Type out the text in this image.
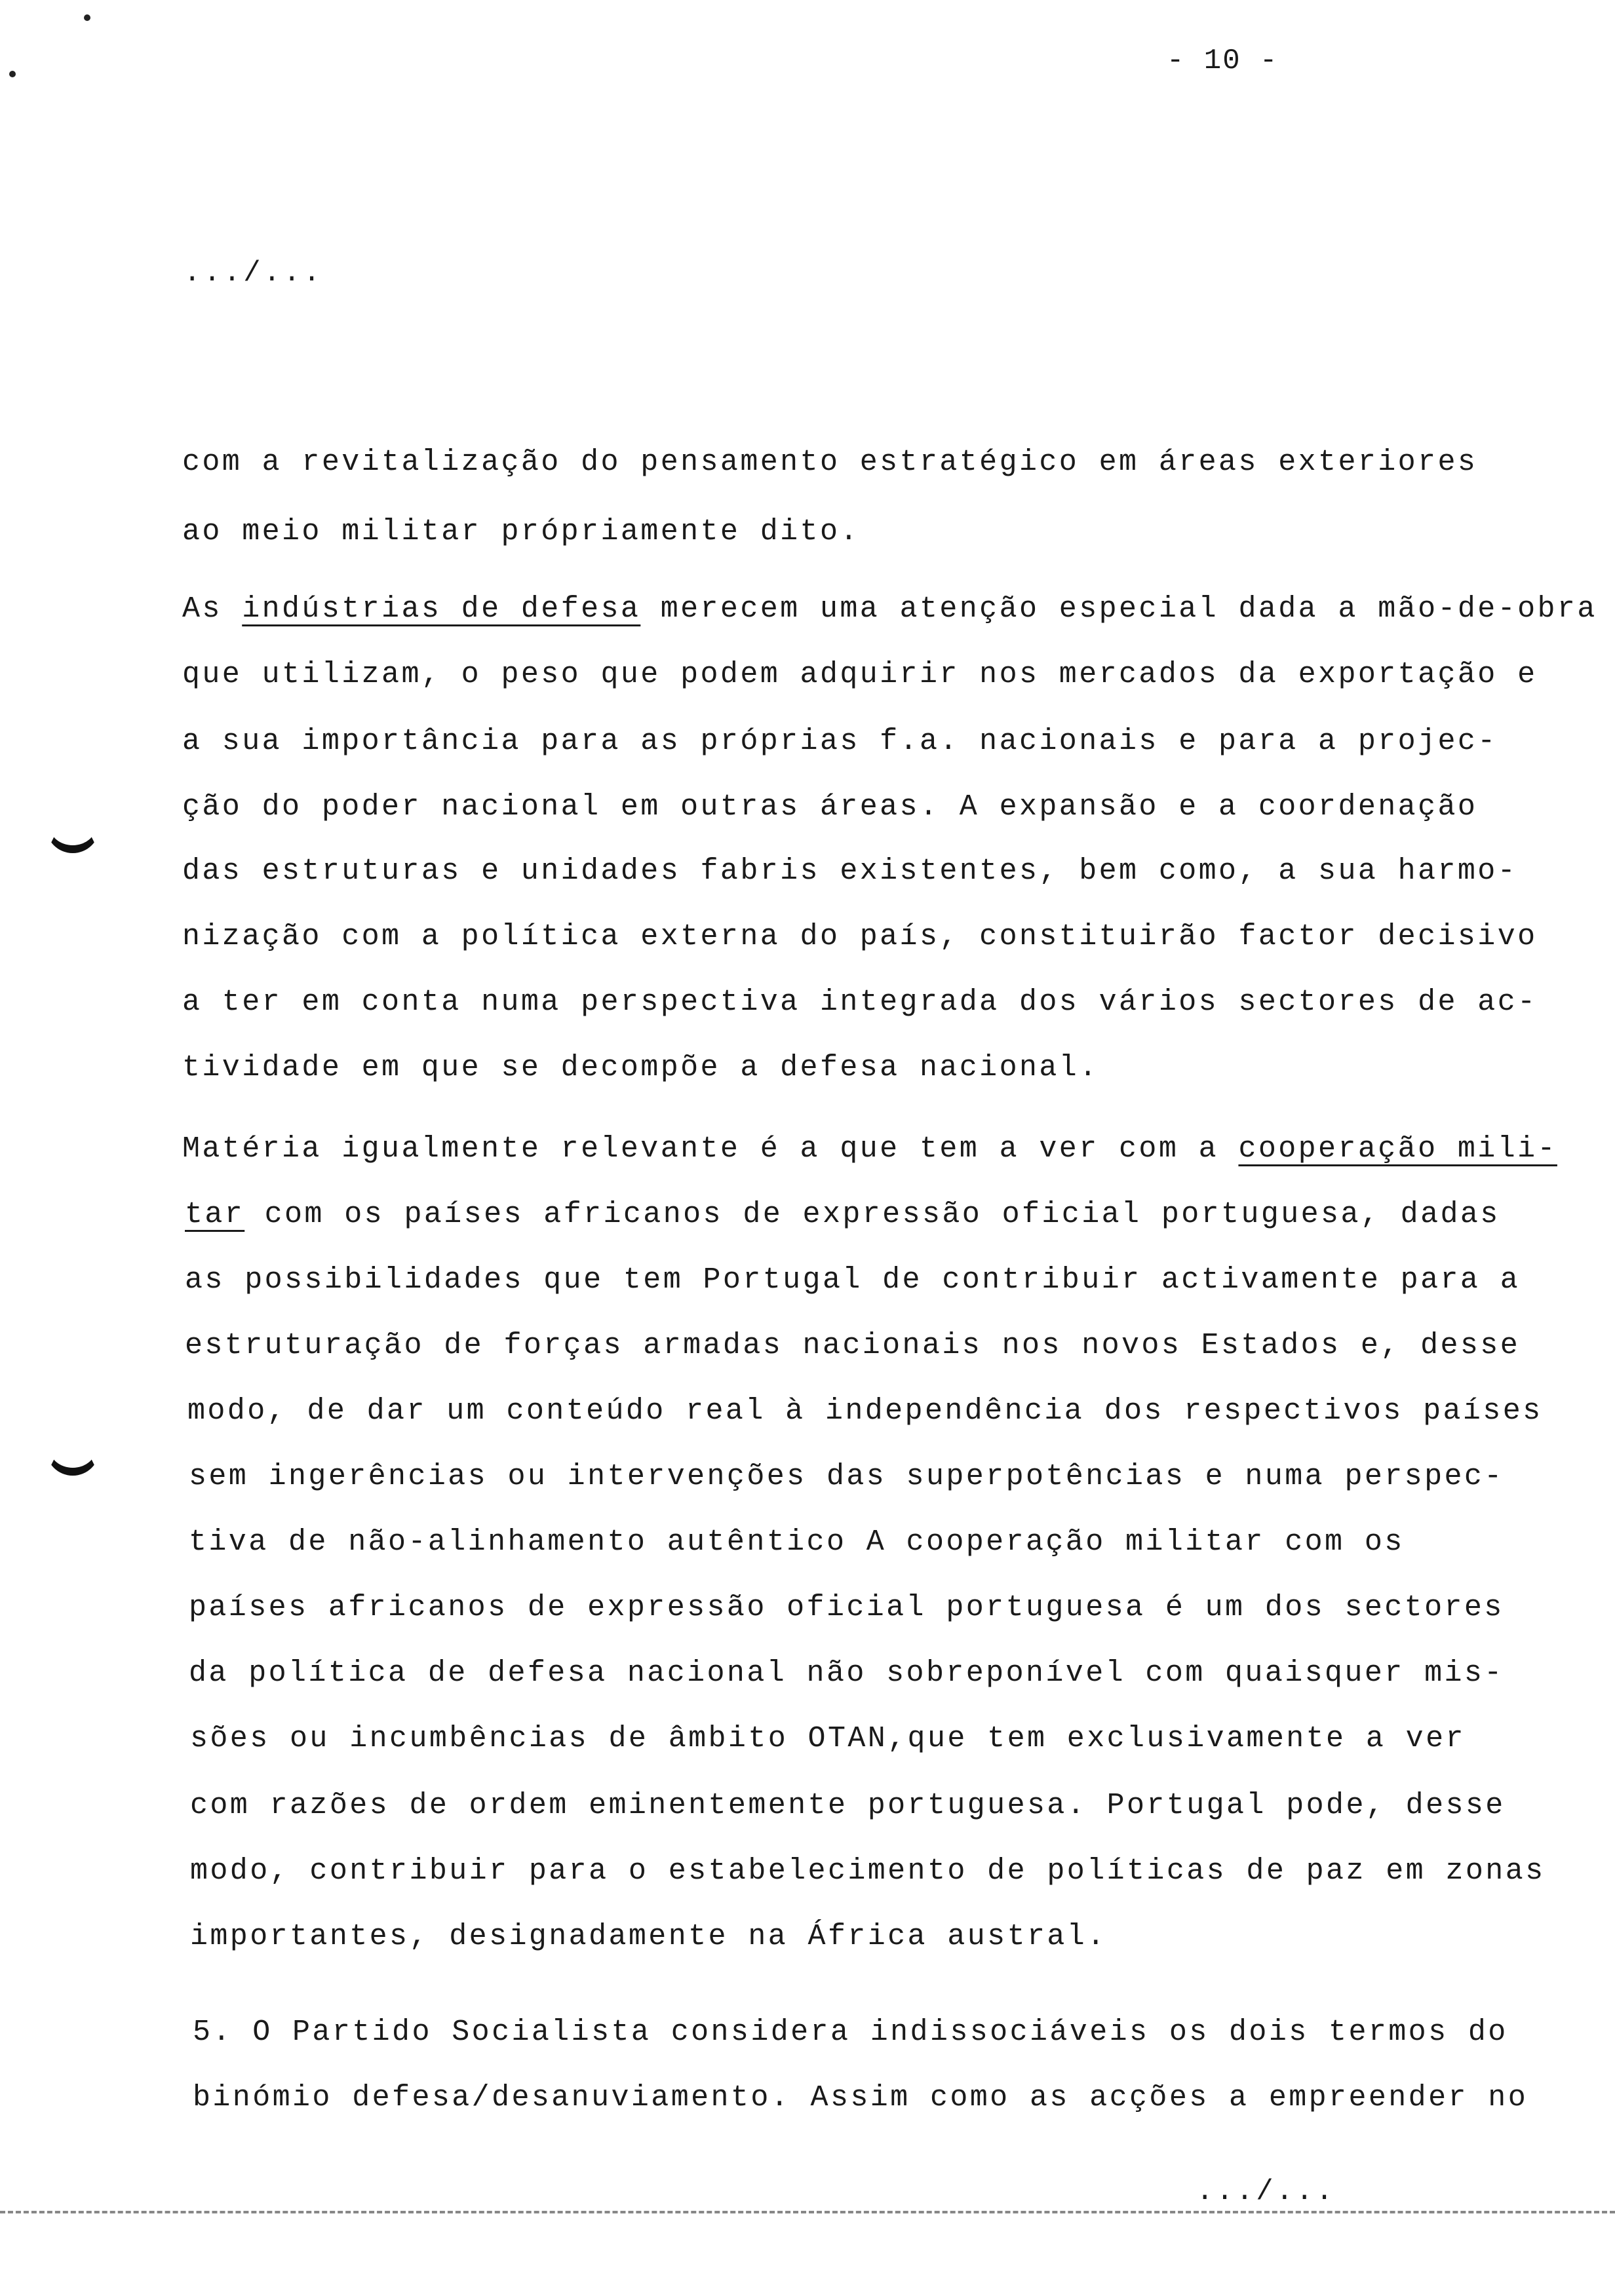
- 10 -
.../...
com a revitalização do pensamento estratégico em áreas exteriores
ao meio militar própriamente dito.
As indústrias de defesa merecem uma atenção especial dada a mão-de-obra
que utilizam, o peso que podem adquirir nos mercados da exportação e
a sua importância para as próprias f.a. nacionais e para a projec-
ção do poder nacional em outras áreas. A expansão e a coordenação
das estruturas e unidades fabris existentes, bem como, a sua harmo-
nização com a política externa do país, constituirão factor decisivo
a ter em conta numa perspectiva integrada dos vários sectores de ac-
tividade em que se decompõe a defesa nacional.
Matéria igualmente relevante é a que tem a ver com a cooperação mili-
tar com os países africanos de expressão oficial portuguesa, dadas
as possibilidades que tem Portugal de contribuir activamente para a
estruturação de forças armadas nacionais nos novos Estados e, desse
modo, de dar um conteúdo real à independência dos respectivos países
sem ingerências ou intervenções das superpotências e numa perspec-
tiva de não-alinhamento autêntico A cooperação militar com os
países africanos de expressão oficial portuguesa é um dos sectores
da política de defesa nacional não sobreponível com quaisquer mis-
sões ou incumbências de âmbito OTAN,que tem exclusivamente a ver
com razões de ordem eminentemente portuguesa. Portugal pode, desse
modo, contribuir para o estabelecimento de políticas de paz em zonas
importantes, designadamente na África austral.
5. O Partido Socialista considera indissociáveis os dois termos do
binómio defesa/desanuviamento. Assim como as acções a empreender no
.../...
